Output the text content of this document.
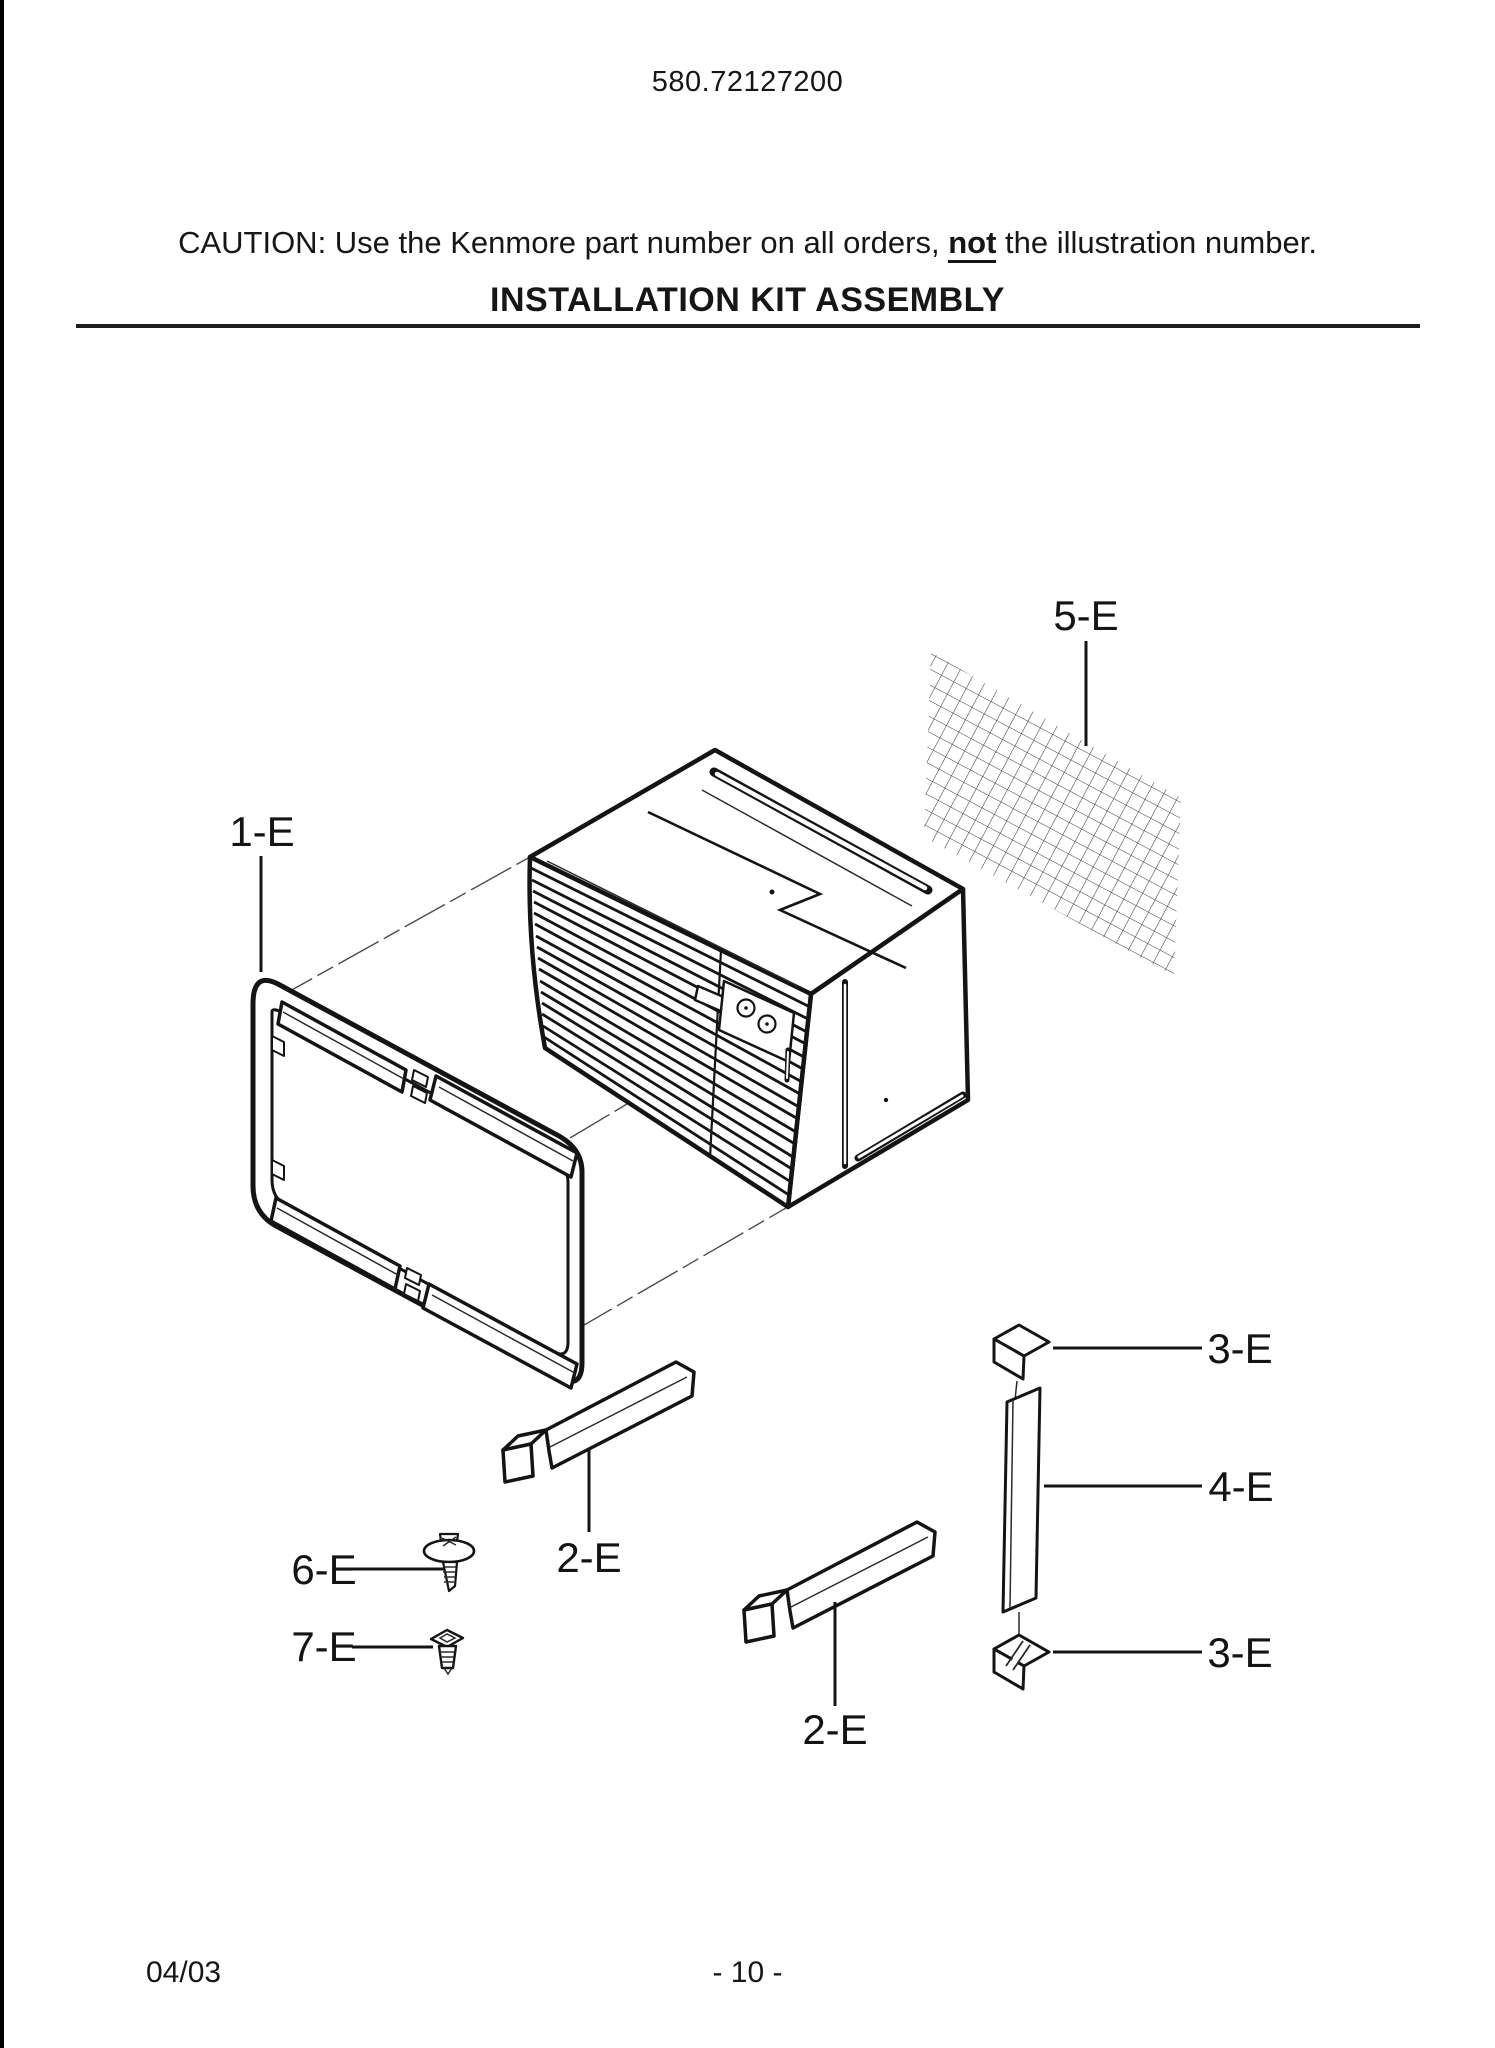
580.72127200

CAUTION: Use the Kenmore part number on all orders, not the illustration number.

INSTALLATION KIT ASSEMBLY
1-E
2-E
2-E
3-E
3-E
4-E
5-E
6-E
7-E
04/03	- 10 -
